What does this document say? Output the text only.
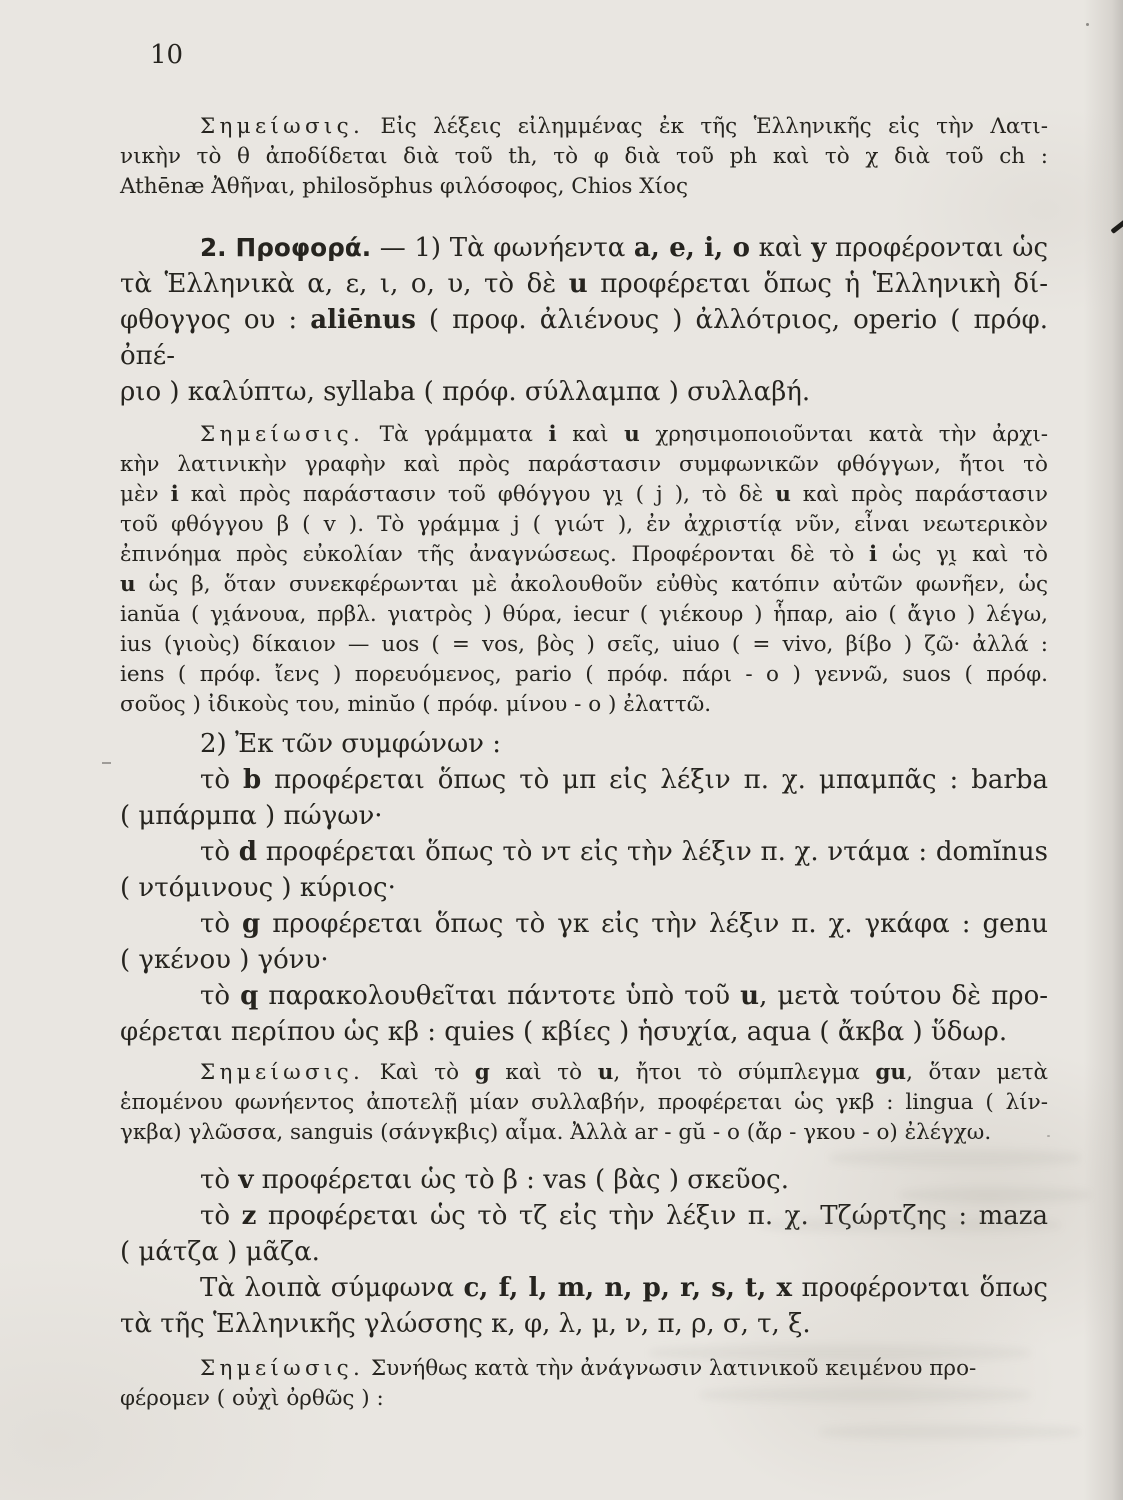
10
Σημείωσις. Εἰς λέξεις εἰλημμένας ἐκ τῆς Ἑλληνικῆς εἰς τὴν Λατι-
νικὴν τὸ θ ἀποδίδεται διὰ τοῦ th, τὸ φ διὰ τοῦ ph καὶ τὸ χ διὰ τοῦ ch :
Athēnæ Ἀθῆναι, philosŏphus φιλόσοφος, Chios Χίος
2. Προφορά. — 1) Τὰ φωνήεντα a, e, i, o καὶ y προφέρονται ὡς
τὰ Ἑλληνικὰ α, ε, ι, ο, υ, τὸ δὲ u προφέρεται ὅπως ἡ Ἑλληνικὴ δί-
φθογγος ου : aliēnus ( προφ. ἀλιένους ) ἀλλότριος, operio ( πρόφ. ὀπέ-
ριο ) καλύπτω, syllaba ( πρόφ. σύλλαμπα ) συλλαβή.
Σημείωσις. Τὰ γράμματα i καὶ u χρησιμοποιοῦνται κατὰ τὴν ἀρχι-
κὴν λατινικὴν γραφὴν καὶ πρὸς παράστασιν συμφωνικῶν φθόγγων, ἤτοι τὸ
μὲν i καὶ πρὸς παράστασιν τοῦ φθόγγου γι̯ ( j ), τὸ δὲ u καὶ πρὸς παράστασιν
τοῦ φθόγγου β ( v ). Τὸ γράμμα j ( γιώτ ), ἐν ἀχριστίᾳ νῦν, εἶναι νεωτερικὸν
ἐπινόημα πρὸς εὐκολίαν τῆς ἀναγνώσεως. Προφέρονται δὲ τὸ i ὡς γι̯ καὶ τὸ
u ὡς β, ὅταν συνεκφέρωνται μὲ ἀκολουθοῦν εὐθὺς κατόπιν αὐτῶν φωνῆεν, ὡς
ianŭa ( γι̯άνουα, πρβλ. γιατρὸς ) θύρα, iecur ( γιέκουρ ) ἧπαρ, aio ( ἄγιο ) λέγω,
ius (γιοὺς) δίκαιον — uos ( = vos, βὸς ) σεῖς, uiuo ( = vivo, βίβο ) ζῶ· ἀλλά :
iens ( πρόφ. ἴενς ) πορευόμενος, pario ( πρόφ. πάρι - ο ) γεννῶ, suos ( πρόφ.
σοῦος ) ἰδικοὺς του, minŭo ( πρόφ. μίνου - ο ) ἐλαττῶ.
2) Ἐκ τῶν συμφώνων :
τὸ b προφέρεται ὅπως τὸ μπ εἰς λέξιν π. χ. μπαμπᾶς : barba
( μπάρμπα ) πώγων·
τὸ d προφέρεται ὅπως τὸ ντ εἰς τὴν λέξιν π. χ. ντάμα : domĭnus
( ντόμινους ) κύριος·
τὸ g προφέρεται ὅπως τὸ γκ εἰς τὴν λέξιν π. χ. γκάφα : genu
( γκένου ) γόνυ·
τὸ q παρακολουθεῖται πάντοτε ὑπὸ τοῦ u, μετὰ τούτου δὲ προ-
φέρεται περίπου ὡς κβ : quies ( κβίες ) ἡσυχία, aqua ( ἄκβα ) ὕδωρ.
Σημείωσις. Καὶ τὸ g καὶ τὸ u, ἤτοι τὸ σύμπλεγμα gu, ὅταν μετὰ
ἑπομένου φωνήεντος ἀποτελῇ μίαν συλλαβήν, προφέρεται ὡς γκβ : lingua ( λίν-
γκβα) γλῶσσα, sanguis (σάνγκβις) αἷμα. Ἀλλὰ ar - gŭ - o (ἄρ - γκου - ο) ἐλέγχω.
τὸ v προφέρεται ὡς τὸ β : vas ( βὰς ) σκεῦος.
τὸ z προφέρεται ὡς τὸ τζ εἰς τὴν λέξιν π. χ. Τζώρτζης : maza
( μάτζα ) μᾶζα.
Τὰ λοιπὰ σύμφωνα c, f, l, m, n, p, r, s, t, x προφέρονται ὅπως
τὰ τῆς Ἑλληνικῆς γλώσσης κ, φ, λ, μ, ν, π, ρ, σ, τ, ξ.
Σημείωσις. Συνήθως κατὰ τὴν ἀνάγνωσιν λατινικοῦ κειμένου προ-
φέρομεν ( οὐχὶ ὀρθῶς ) :
